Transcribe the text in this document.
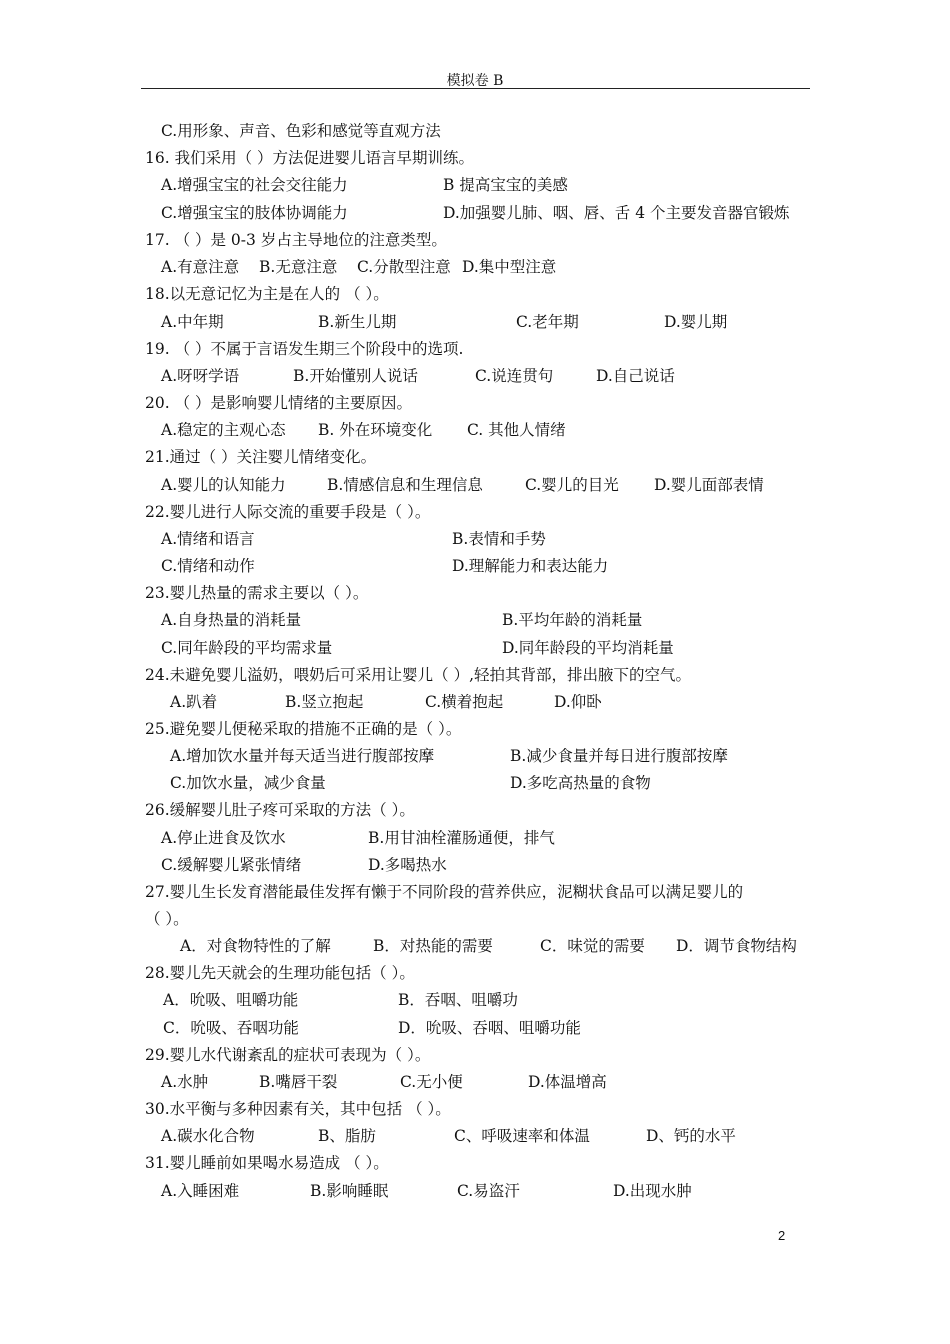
模拟卷 B
C.用形象、声音、色彩和感觉等直观方法
16. 我们采用（ ）方法促进婴儿语言早期训练。
A.增强宝宝的社会交往能力	B 提高宝宝的美感
C.增强宝宝的肢体协调能力	D.加强婴儿肺、咽、唇、舌 4 个主要发音器官锻炼
17. （ ）是 0-3 岁占主导地位的注意类型。
A.有意注意 B.无意注意 C.分散型注意 D.集中型注意
18.以无意记忆为主是在人的 （ ）。
A.中年期	B.新生儿期	C.老年期	D.婴儿期
19. （ ）不属于言语发生期三个阶段中的选项.
A.呀呀学语	B.开始懂别人说话	C.说连贯句	D.自己说话
20. （ ）是影响婴儿情绪的主要原因。
A.稳定的主观心态 B. 外在环境变化 C. 其他人情绪
21.通过（ ）关注婴儿情绪变化。
A.婴儿的认知能力	B.情感信息和生理信息	C.婴儿的目光 D.婴儿面部表情
22.婴儿进行人际交流的重要手段是（ ）。
A.情绪和语言	B.表情和手势
C.情绪和动作	D.理解能力和表达能力
23.婴儿热量的需求主要以（ ）。
A.自身热量的消耗量	B.平均年龄的消耗量
C.同年龄段的平均需求量	D.同年龄段的平均消耗量
24.未避免婴儿溢奶，喂奶后可采用让婴儿（ ）,轻拍其背部，排出腋下的空气。
A.趴着	B.竖立抱起	C.横着抱起	D.仰卧
25.避免婴儿便秘采取的措施不正确的是（ ）。
A.增加饮水量并每天适当进行腹部按摩	B.减少食量并每日进行腹部按摩
C.加饮水量，减少食量	D.多吃高热量的食物
26.缓解婴儿肚子疼可采取的方法（ ）。
A.停止进食及饮水	B.用甘油栓灌肠通便，排气
C.缓解婴儿紧张情绪	D.多喝热水
27.婴儿生长发育潜能最佳发挥有懒于不同阶段的营养供应，泥糊状食品可以满足婴儿的
（ ）。
A．对食物特性的了解	B．对热能的需要	C．味觉的需要 D．调节食物结构
28.婴儿先天就会的生理功能包括（ ）。
A．吮吸、咀嚼功能	B．吞咽、咀嚼功
C．吮吸、吞咽功能	D．吮吸、吞咽、咀嚼功能
29.婴儿水代谢紊乱的症状可表现为（ ）。
A.水肿	B.嘴唇干裂	C.无小便	D.体温增高
30.水平衡与多种因素有关，其中包括 （ ）。
A.碳水化合物	B、脂肪	C、呼吸速率和体温	D、钙的水平
31.婴儿睡前如果喝水易造成 （ ）。
A.入睡困难	B.影响睡眠	C.易盗汗	D.出现水肿
2
